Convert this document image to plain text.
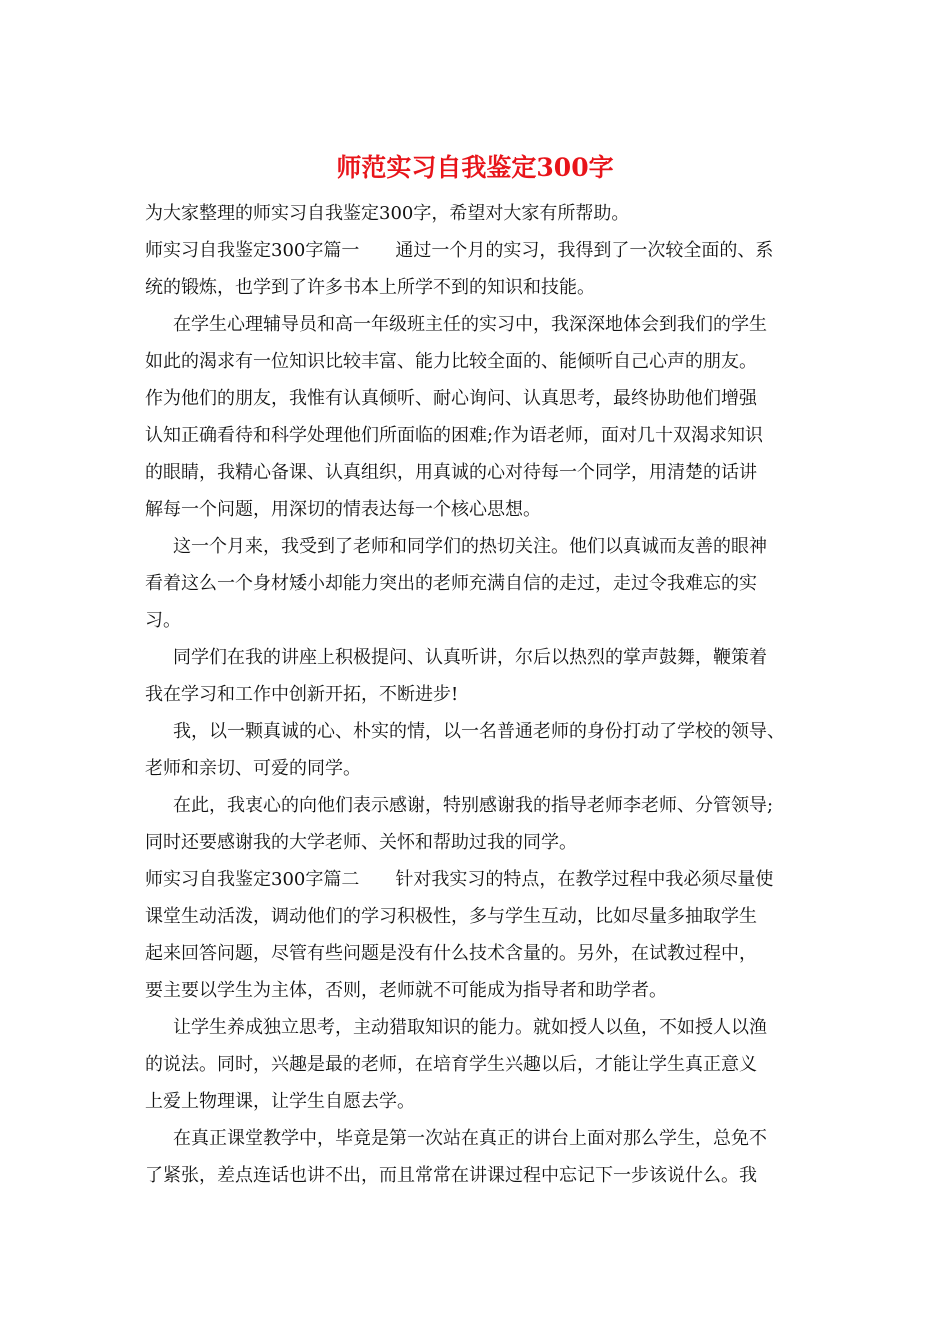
师范实习自我鉴定300字

为大家整理的师实习自我鉴定300字，希望对大家有所帮助。

师实习自我鉴定300字篇一 通过一个月的实习，我得到了一次较全面的、系

统的锻炼，也学到了许多书本上所学不到的知识和技能。

在学生心理辅导员和高一年级班主任的实习中，我深深地体会到我们的学生

如此的渴求有一位知识比较丰富、能力比较全面的、能倾听自己心声的朋友。

作为他们的朋友，我惟有认真倾听、耐心询问、认真思考，最终协助他们增强

认知正确看待和科学处理他们所面临的困难;作为语老师，面对几十双渴求知识

的眼睛，我精心备课、认真组织，用真诚的心对待每一个同学，用清楚的话讲

解每一个问题，用深切的情表达每一个核心思想。

这一个月来，我受到了老师和同学们的热切关注。他们以真诚而友善的眼神

看着这么一个身材矮小却能力突出的老师充满自信的走过，走过令我难忘的实

习。

同学们在我的讲座上积极提问、认真听讲，尔后以热烈的掌声鼓舞，鞭策着

我在学习和工作中创新开拓，不断进步!

我，以一颗真诚的心、朴实的情，以一名普通老师的身份打动了学校的领导、

老师和亲切、可爱的同学。

在此，我衷心的向他们表示感谢，特别感谢我的指导老师李老师、分管领导;

同时还要感谢我的大学老师、关怀和帮助过我的同学。

师实习自我鉴定300字篇二 针对我实习的特点，在教学过程中我必须尽量使

课堂生动活泼，调动他们的学习积极性，多与学生互动，比如尽量多抽取学生

起来回答问题，尽管有些问题是没有什么技术含量的。另外，在试教过程中，

要主要以学生为主体，否则，老师就不可能成为指导者和助学者。

让学生养成独立思考，主动猎取知识的能力。就如授人以鱼，不如授人以渔

的说法。同时，兴趣是最的老师，在培育学生兴趣以后，才能让学生真正意义

上爱上物理课，让学生自愿去学。

在真正课堂教学中，毕竟是第一次站在真正的讲台上面对那么学生，总免不

了紧张，差点连话也讲不出，而且常常在讲课过程中忘记下一步该说什么。我
